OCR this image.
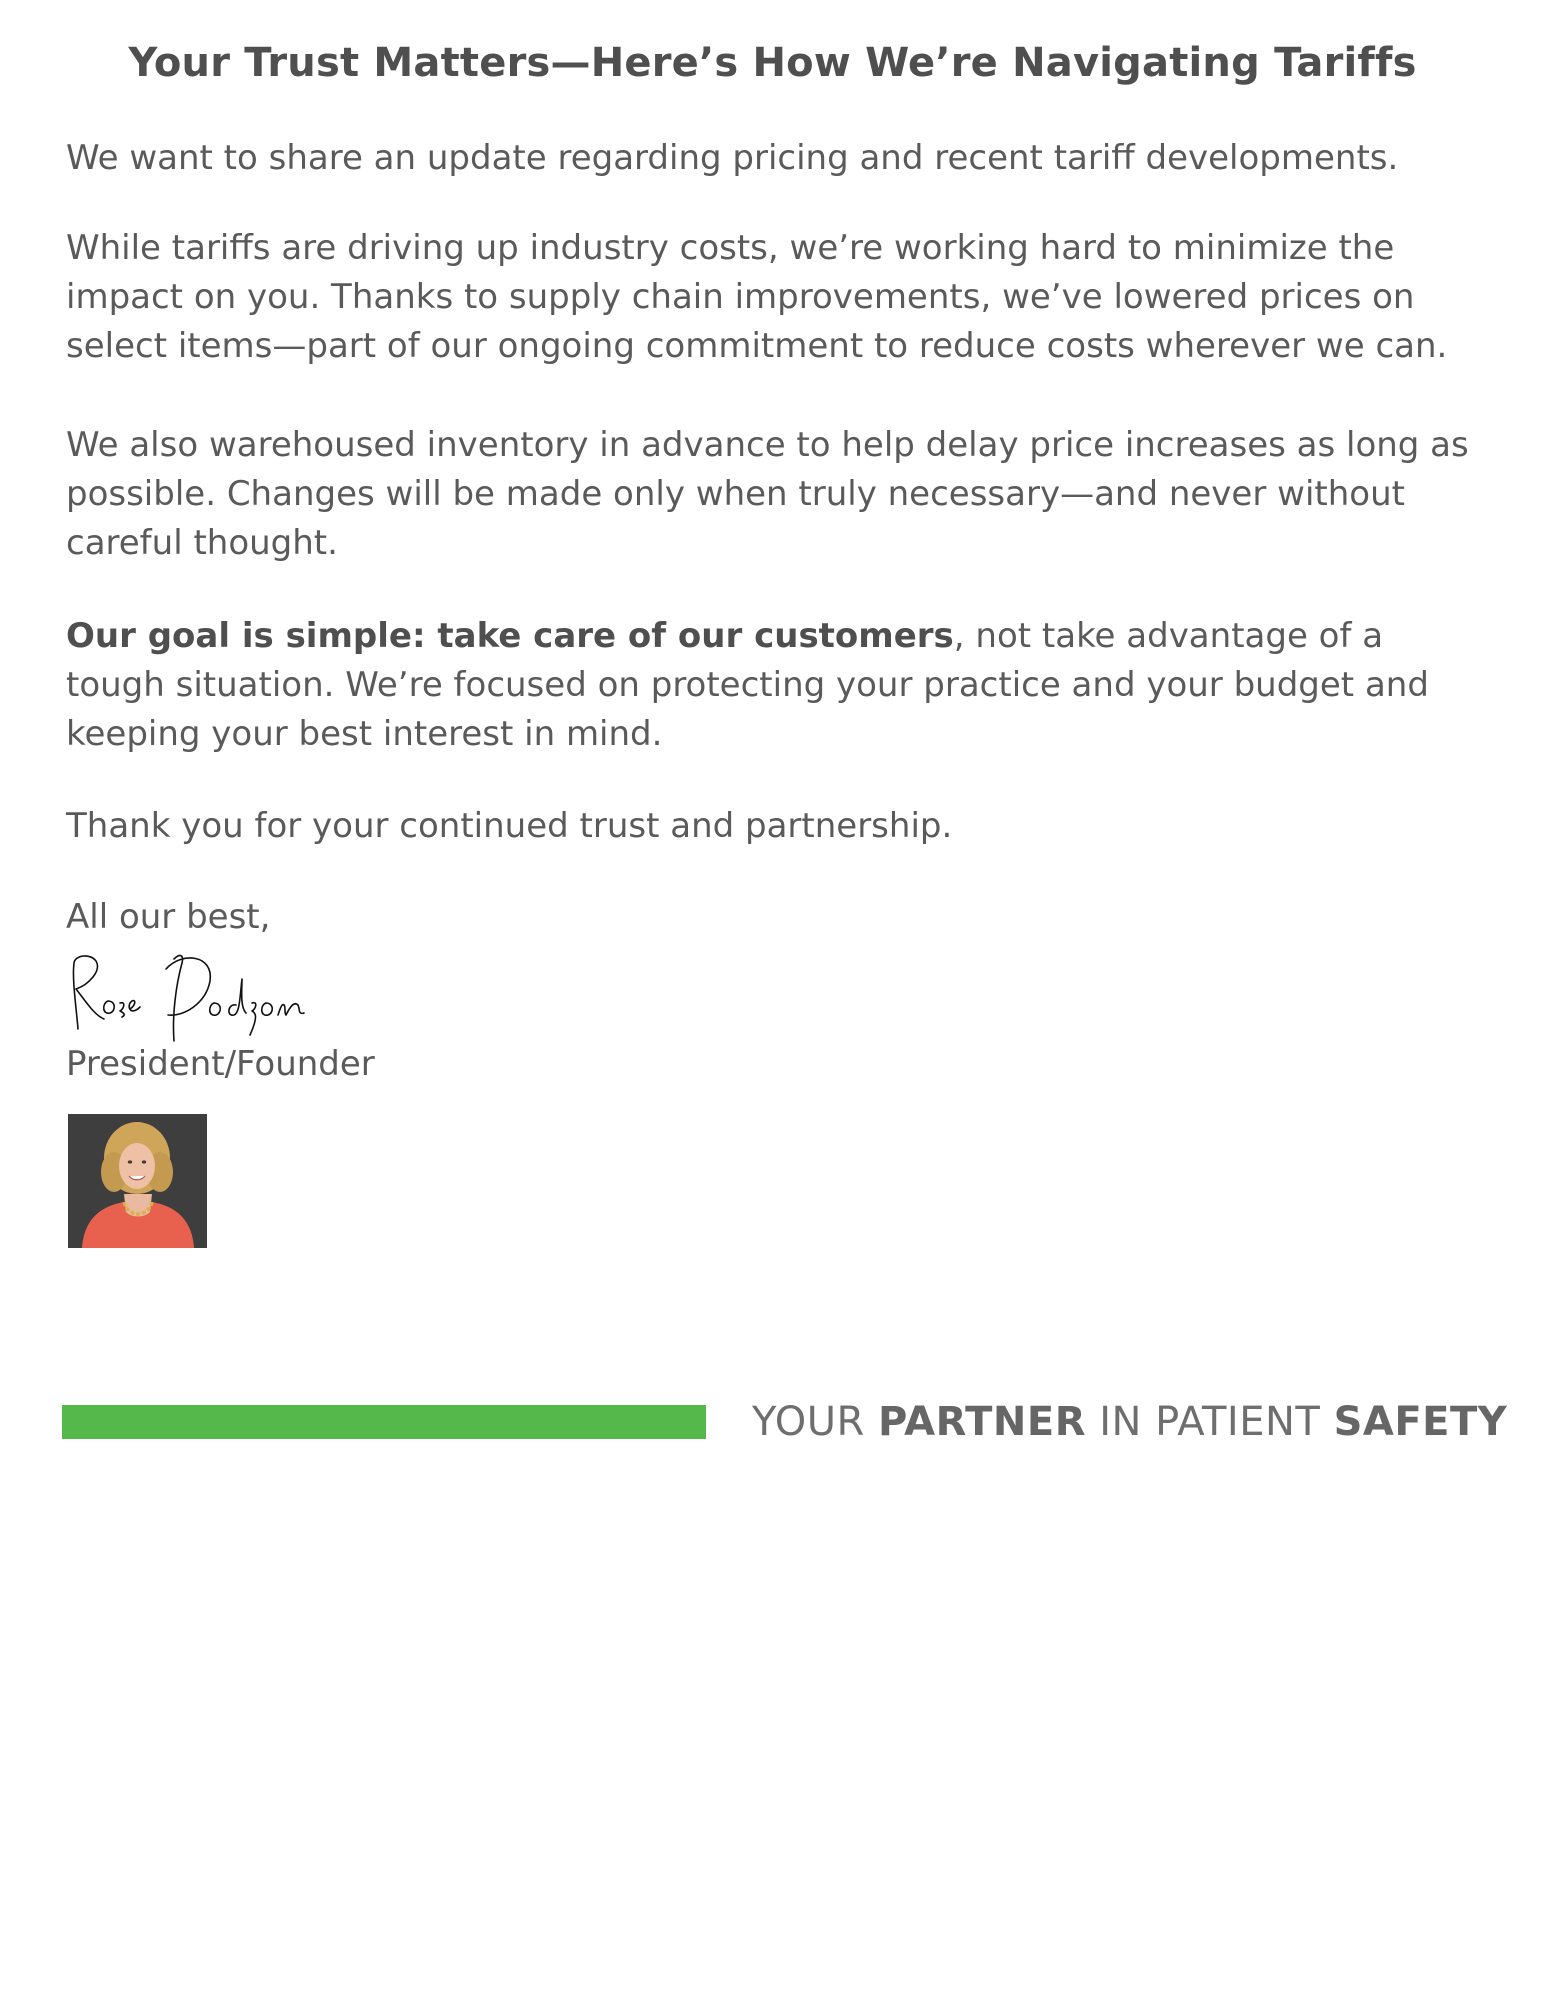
Your Trust Matters—Here’s How We’re Navigating Tariffs

We want to share an update regarding pricing and recent tariff developments.

While tariffs are driving up industry costs, we’re working hard to minimize the impact on you. Thanks to supply chain improvements, we’ve lowered prices on select items—part of our ongoing commitment to reduce costs wherever we can.

We also warehoused inventory in advance to help delay price increases as long as possible. Changes will be made only when truly necessary—and never without careful thought.

Our goal is simple: take care of our customers, not take advantage of a tough situation. We’re focused on protecting your practice and your budget and keeping your best interest in mind.

Thank you for your continued trust and partnership.

All our best,

President/Founder

YOUR PARTNER IN PATIENT SAFETY
